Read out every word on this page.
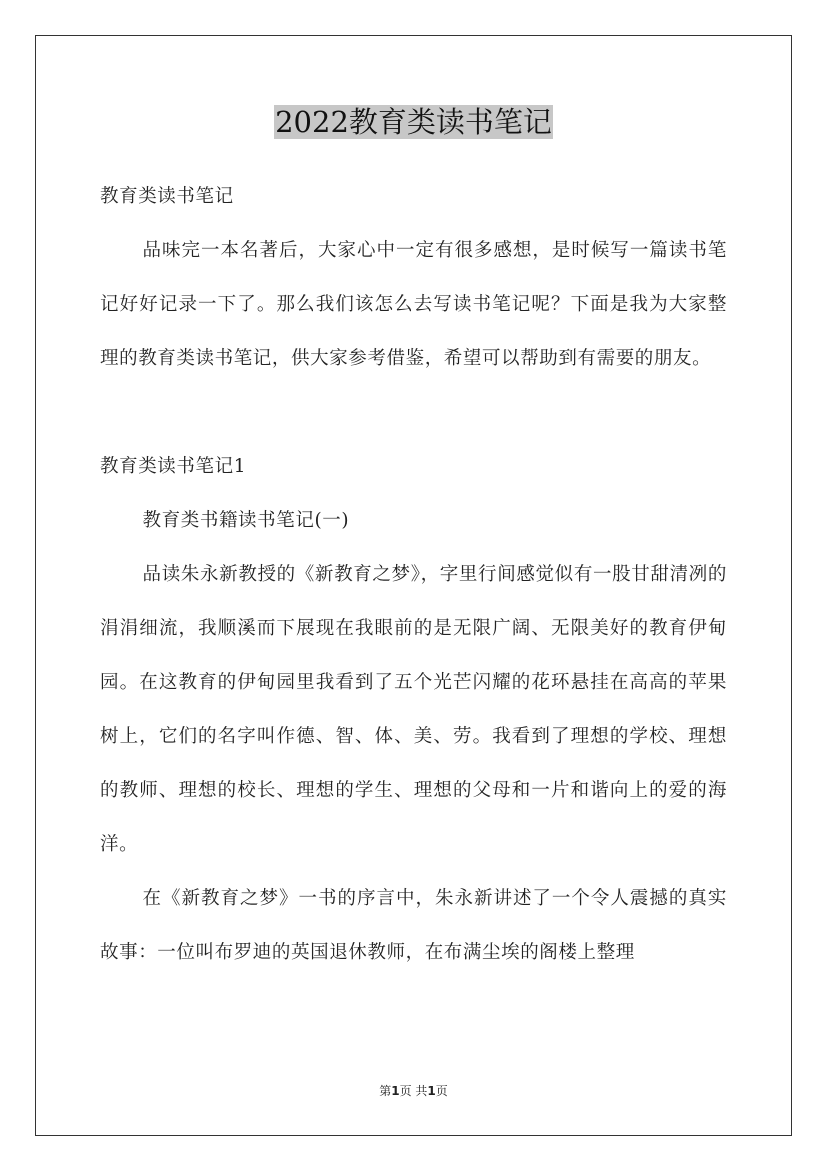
2022教育类读书笔记

教育类读书笔记

品味完一本名著后，大家心中一定有很多感想，是时候写一篇读书笔记好好记录一下了。那么我们该怎么去写读书笔记呢？下面是我为大家整理的教育类读书笔记，供大家参考借鉴，希望可以帮助到有需要的朋友。

教育类读书笔记1

教育类书籍读书笔记(一)

品读朱永新教授的《新教育之梦》，字里行间感觉似有一股甘甜清冽的涓涓细流，我顺溪而下展现在我眼前的是无限广阔、无限美好的教育伊甸园。在这教育的伊甸园里我看到了五个光芒闪耀的花环悬挂在高高的苹果树上，它们的名字叫作德、智、体、美、劳。我看到了理想的学校、理想的教师、理想的校长、理想的学生、理想的父母和一片和谐向上的爱的海洋。

在《新教育之梦》一书的序言中，朱永新讲述了一个令人震撼的真实故事：一位叫布罗迪的英国退休教师，在布满尘埃的阁楼上整理

第1页 共1页
